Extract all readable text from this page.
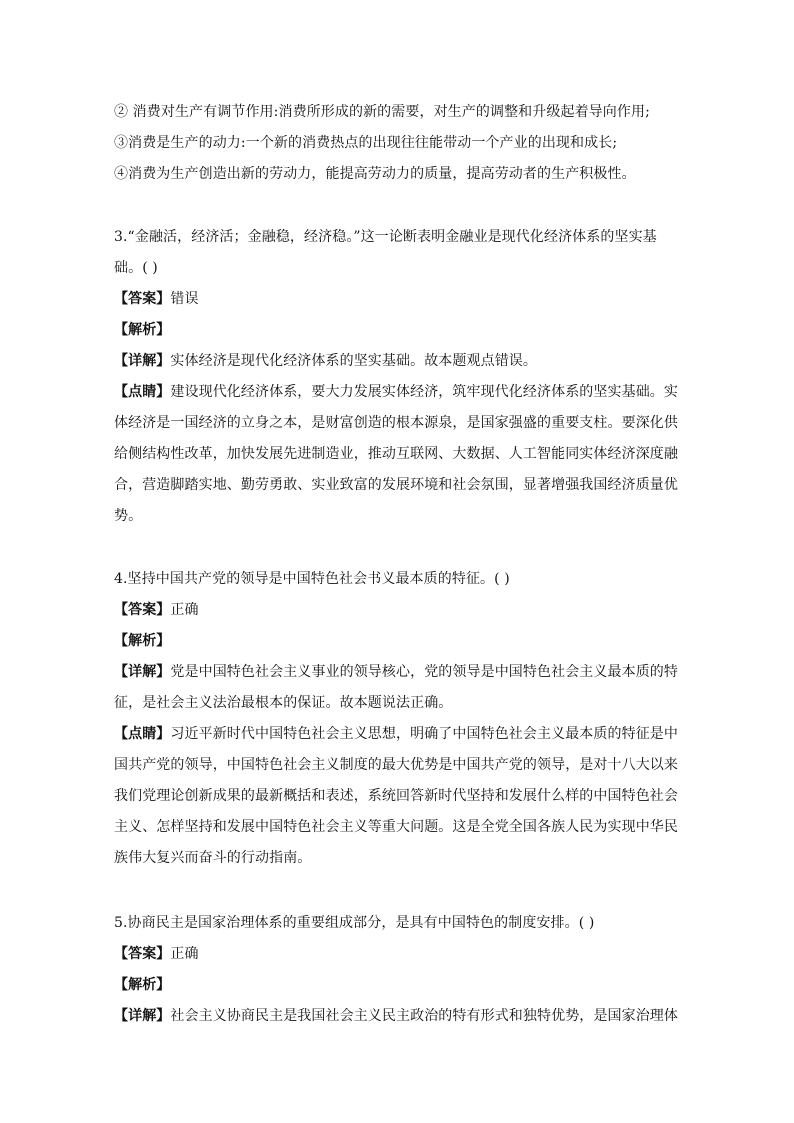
② 消费对生产有调节作用:消费所形成的新的需要，对生产的调整和升级起着导向作用;
③消费是生产的动力:一个新的消费热点的出现往往能带动一个产业的出现和成长;
④消费为生产创造出新的劳动力，能提高劳动力的质量，提高劳动者的生产积极性。
3.“金融活，经济活；金融稳，经济稳。”这一论断表明金融业是现代化经济体系的坚实基
础。( )
【答案】错误
【解析】
【详解】实体经济是现代化经济体系的坚实基础。故本题观点错误。
【点睛】建设现代化经济体系，要大力发展实体经济，筑牢现代化经济体系的坚实基础。实体经济是一国经济的立身之本，是财富创造的根本源泉，是国家强盛的重要支柱。要深化供给侧结构性改革，加快发展先进制造业，推动互联网、大数据、人工智能同实体经济深度融合，营造脚踏实地、勤劳勇敢、实业致富的发展环境和社会氛围，显著增强我国经济质量优势。
4.坚持中国共产党的领导是中国特色社会书义最本质的特征。( )
【答案】正确
【解析】
【详解】党是中国特色社会主义事业的领导核心，党的领导是中国特色社会主义最本质的特征，是社会主义法治最根本的保证。故本题说法正确。
【点睛】习近平新时代中国特色社会主义思想，明确了中国特色社会主义最本质的特征是中国共产党的领导，中国特色社会主义制度的最大优势是中国共产党的领导，是对十八大以来我们党理论创新成果的最新概括和表述，系统回答新时代坚持和发展什么样的中国特色社会主义、怎样坚持和发展中国特色社会主义等重大问题。这是全党全国各族人民为实现中华民族伟大复兴而奋斗的行动指南。
5.协商民主是国家治理体系的重要组成部分，是具有中国特色的制度安排。( )
【答案】正确
【解析】
【详解】社会主义协商民主是我国社会主义民主政治的特有形式和独特优势，是国家治理体
